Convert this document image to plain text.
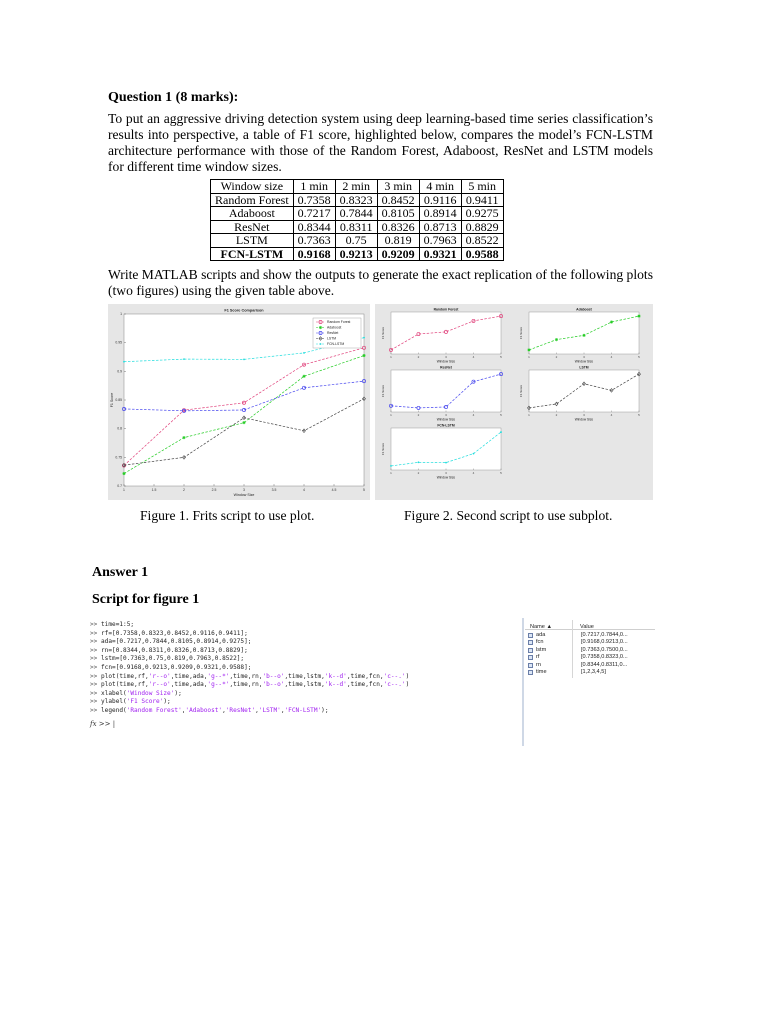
Question 1 (8 marks):
To put an aggressive driving detection system using deep learning-based time series classification’s results into perspective, a table of F1 score, highlighted below, compares the model’s FCN-LSTM architecture performance with those of the Random Forest, Adaboost, ResNet and LSTM models for different time window sizes.
Window size	1 min	2 min	3 min	4 min	5 min
Random Forest	0.7358	0.8323	0.8452	0.9116	0.9411
Adaboost	0.7217	0.7844	0.8105	0.8914	0.9275
ResNet	0.8344	0.8311	0.8326	0.8713	0.8829
LSTM	0.7363	0.75	0.819	0.7963	0.8522
FCN-LSTM	0.9168	0.9213	0.9209	0.9321	0.9588
Write MATLAB scripts and show the outputs to generate the exact replication of the following plots (two figures) using the given table above.
1	1.5	2	2.5	3	3.5	4	4.5	5
0.7
0.75
0.8
0.85
0.9
0.95
1
F1 Score Comparison
Window Size
F1 Score
Random Forest
Adaboost
ResNet
LSTM
FCN-LSTM
1	2	3	4	5
Random Forest
Window Size
F1 Score
1	2	3	4	5
Adaboost
Window Size
F1 Score
1	2	3	4	5
ResNet
Window Size
F1 Score
1	2	3	4	5
LSTM
Window Size
F1 Score
1	2	3	4	5
FCN-LSTM
Window Size
F1 Score
Figure 1. Frits script to use plot.	Figure 2. Second script to use subplot.
Answer 1
Script for figure 1
>> time=1:5;
>> rf=[0.7358,0.8323,0.8452,0.9116,0.9411];
>> ada=[0.7217,0.7844,0.8105,0.8914,0.9275];
>> rn=[0.8344,0.8311,0.8326,0.8713,0.8829];
>> lstm=[0.7363,0.75,0.819,0.7963,0.8522];
>> fcn=[0.9168,0.9213,0.9209,0.9321,0.9588];
>> plot(time,rf,'r--o',time,ada,'g--*',time,rn,'b--o',time,lstm,'k--d',time,fcn,'c--.')
>> plot(time,rf,'r--o',time,ada,'g--*',time,rn,'b--o',time,lstm,'k--d',time,fcn,'c--.')
>> xlabel('Window Size');
>> ylabel('F1 Score');
>> legend('Random Forest','Adaboost','ResNet','LSTM','FCN-LSTM');
fx >> |
Name ▲	Value
ada	[0.7217,0.7844,0...
fcn	[0.9168,0.9213,0...
lstm	[0.7363,0.7500,0...
rf	[0.7358,0.8323,0...
rn	[0.8344,0.8311,0...
time	[1,2,3,4,5]
